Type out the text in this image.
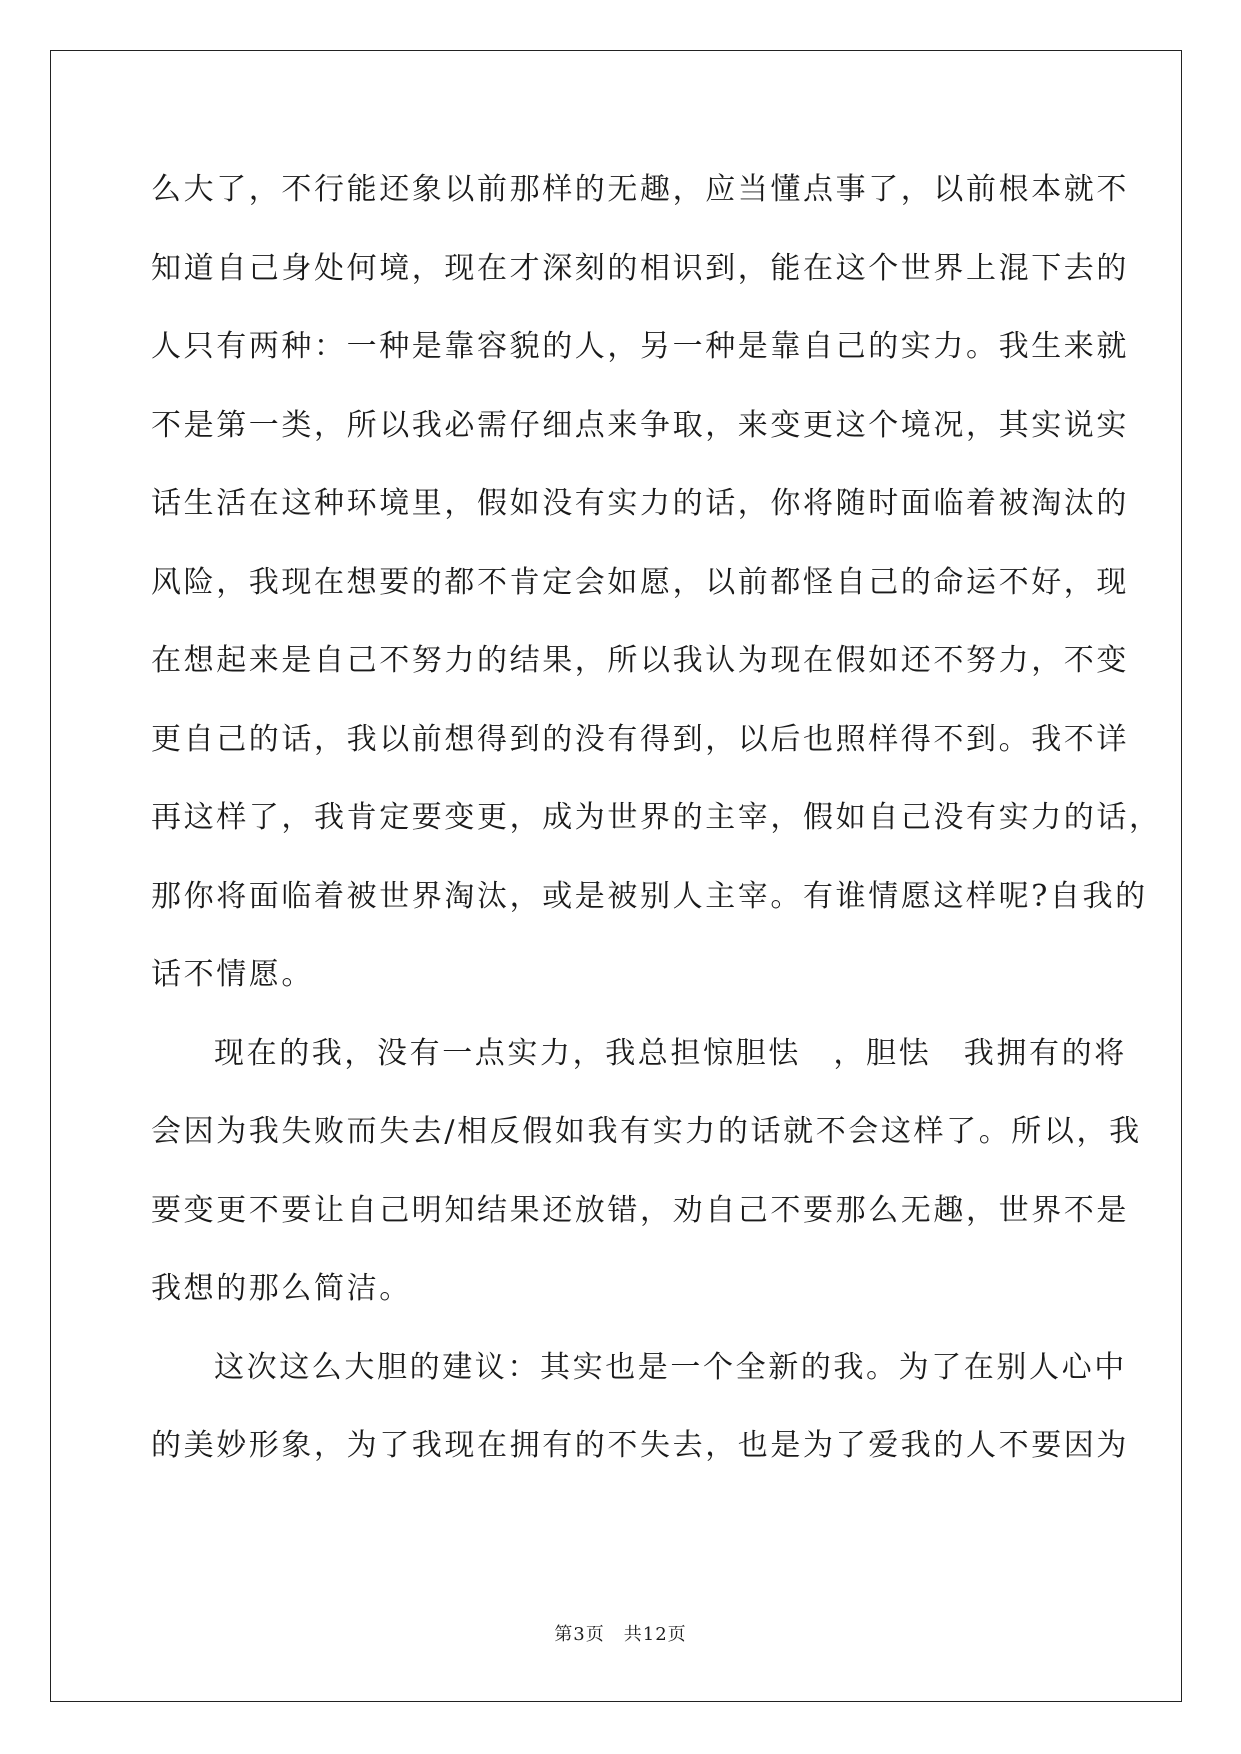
么大了，不行能还象以前那样的无趣，应当懂点事了，以前根本就不
知道自己身处何境，现在才深刻的相识到，能在这个世界上混下去的
人只有两种：一种是靠容貌的人，另一种是靠自己的实力。我生来就
不是第一类，所以我必需仔细点来争取，来变更这个境况，其实说实
话生活在这种环境里，假如没有实力的话，你将随时面临着被淘汰的
风险，我现在想要的都不肯定会如愿，以前都怪自己的命运不好，现
在想起来是自己不努力的结果，所以我认为现在假如还不努力，不变
更自己的话，我以前想得到的没有得到，以后也照样得不到。我不详
再这样了，我肯定要变更，成为世界的主宰，假如自己没有实力的话，
那你将面临着被世界淘汰，或是被别人主宰。有谁情愿这样呢?自我的
话不情愿。
现在的我，没有一点实力，我总担惊胆怯　，胆怯　我拥有的将
会因为我失败而失去/相反假如我有实力的话就不会这样了。所以，我
要变更不要让自己明知结果还放错，劝自己不要那么无趣，世界不是
我想的那么简洁。
这次这么大胆的建议：其实也是一个全新的我。为了在别人心中
的美妙形象，为了我现在拥有的不失去，也是为了爱我的人不要因为
第3页　共12页
